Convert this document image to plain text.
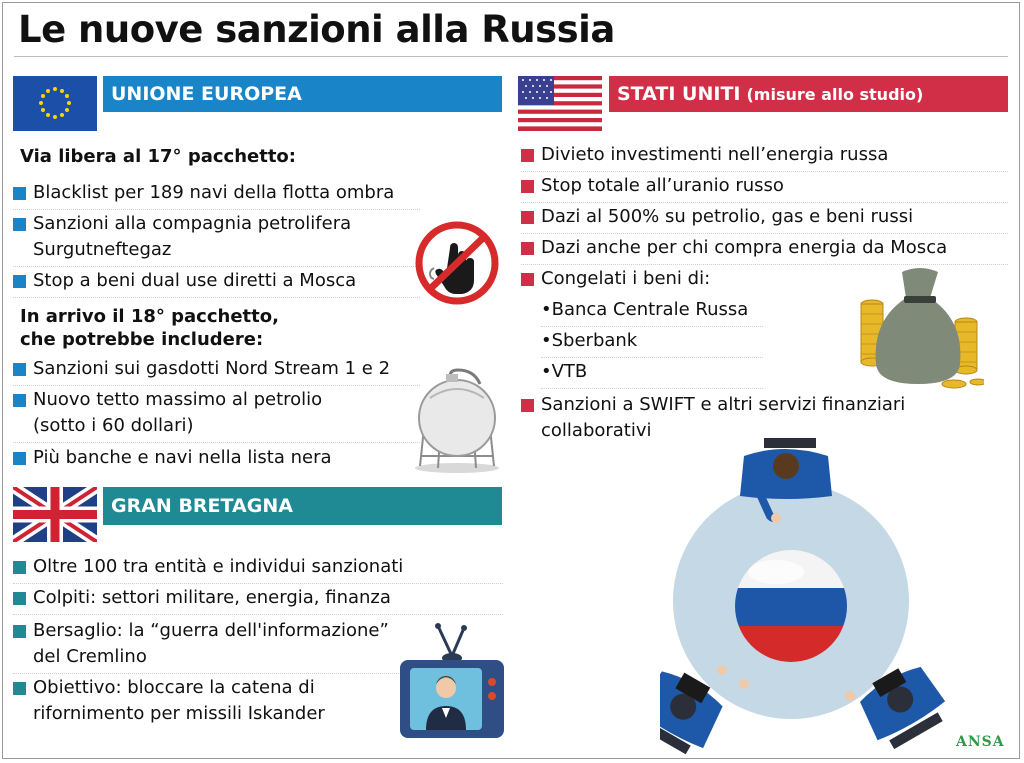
Le nuove sanzioni alla Russia
UNIONE EUROPEA
Via libera al 17° pacchetto:
Blacklist per 189 navi della flotta ombra
Sanzioni alla compagnia petrolifera Surgutneftegaz
Stop a beni dual use diretti a Mosca
In arrivo il 18° pacchetto, che potrebbe includere:
Sanzioni sui gasdotti Nord Stream 1 e 2
Nuovo tetto massimo al petrolio (sotto i 60 dollari)
Più banche e navi nella lista nera
GRAN BRETAGNA
Oltre 100 tra entità e individui sanzionati
Colpiti: settori militare, energia, finanza
Bersaglio: la “guerra dell'informazione” del Cremlino
Obiettivo: bloccare la catena di rifornimento per missili Iskander
STATI UNITI (misure allo studio)
Divieto investimenti nell’energia russa
Stop totale all’uranio russo
Dazi al 500% su petrolio, gas e beni russi
Dazi anche per chi compra energia da Mosca
Congelati i beni di:
•Banca Centrale Russa
•Sberbank
•VTB
Sanzioni a SWIFT e altri servizi finanziari collaborativi
ANSA
